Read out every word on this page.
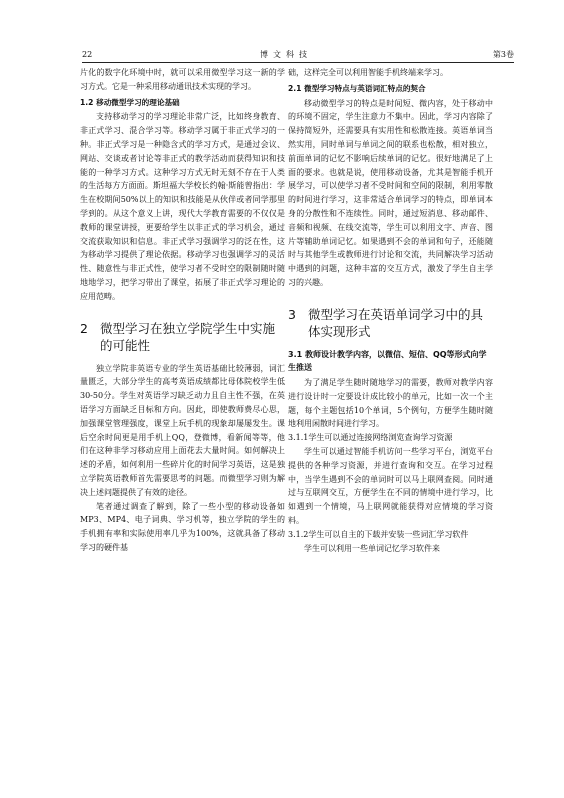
22	博文科技	第3卷

片化的数字化环境中时，就可以采用微型学习这一新的学习方式。它是一种采用移动通讯技术实现的学习。

1.2 移动微型学习的理论基础

支持移动学习的学习理论非常广泛，比如终身教育、非正式学习、混合学习等。移动学习属于非正式学习的一种。非正式学习是一种隐含式的学习方式，是通过会议、网站、交谈或者讨论等非正式的教学活动而获得知识和技能的一种学习方式。这种学习方式无时无刻不存在于人类的生活每方方面面。斯坦福大学校长约翰·斯能曾指出：学生在校期间50%以上的知识和技能是从伙伴或者同学那里学到的。从这个意义上讲，现代大学教育需要的不仅仅是教师的课堂讲授，更要给学生以非正式的学习机会，通过交流获取知识和信息。非正式学习强调学习的泛在性，这为移动学习提供了理论依据。移动学习也强调学习的灵活性、随意性与非正式性，使学习者不受时空的限制随时随地地学习，把学习带出了课堂，拓展了非正式学习理论的应用范畴。

2 微型学习在独立学院学生中实施的可能性

独立学院非英语专业的学生英语基础比较薄弱，词汇量匮乏，大部分学生的高考英语成绩都比母体院校学生低30-50分。学生对英语学习缺乏动力且自主性不强，在英语学习方面缺乏目标和方向。因此，即使教师费尽心思，加强课堂管理强度，课堂上玩手机的现象却屡屡发生。课后空余时间更是用手机上QQ，登微博，看新闻等等，他们在这种非学习移动应用上面花去大量时间。如何解决上述的矛盾，如何利用一些碎片化的时间学习英语，这是独立学院英语教师首先需要思考的问题。而微型学习则为解决上述问题提供了有效的途径。

笔者通过调查了解到，除了一些小型的移动设备如MP3、MP4、电子词典、学习机等，独立学院的学生的手机拥有率和实际使用率几乎为100%，这就具备了移动学习的硬件基

础，这样完全可以利用智能手机终端来学习。

2.1 微型学习特点与英语词汇特点的契合

移动微型学习的特点是时间短、微内容，处于移动中的环境不固定，学生注意力不集中。因此，学习内容除了保持简短外，还需要具有实用性和松散连接。英语单词当然实用，同时单词与单词之间的联系也松散，相对独立，前面单词的记忆不影响后续单词的记忆。很好地满足了上面的要求。也就是说，使用移动设备，尤其是智能手机开展学习，可以使学习者不受时间和空间的限制，利用零散的时间进行学习，这非常适合单词学习的特点，即单词本身的分散性和不连续性。同时，通过短消息、移动邮件、音频和视频、在线交流等，学生可以利用文字、声音、图片等辅助单词记忆。如果遇到不会的单词和句子，还能随时与其他学生或教师进行讨论和交流，共同解决学习活动中遇到的问题，这种丰富的交互方式，激发了学生自主学习的兴趣。

3 微型学习在英语单词学习中的具体实现形式
3.1 教师设计教学内容，以微信、短信、QQ等形式向学生推送

为了满足学生随时随地学习的需要，教师对教学内容进行设计时一定要设计成比较小的单元，比如一次一个主题，每个主题包括10个单词，5个例句，方便学生随时随地利用闲散时间进行学习。

3.1.1学生可以通过连接网络浏览查询学习资源

学生可以通过智能手机访问一些学习平台，浏览平台提供的各种学习资源，并进行查询和交互。在学习过程中，当学生遇到不会的单词时可以马上联网查阅。同时通过与互联网交互，方便学生在不同的情境中进行学习，比如遇到一个情境，马上联网就能获得对应情境的学习资料。

3.1.2学生可以自主的下载并安装一些词汇学习软件

学生可以利用一些单词记忆学习软件来
